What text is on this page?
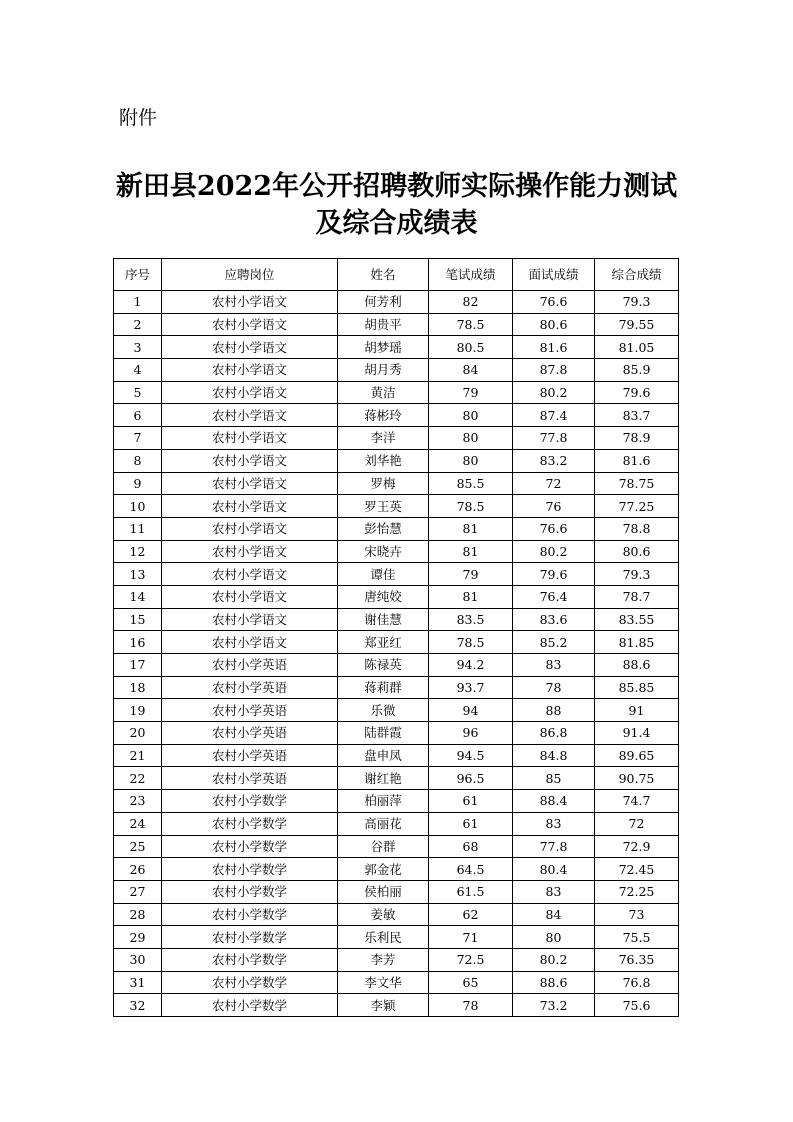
附件

新田县2022年公开招聘教师实际操作能力测试
及综合成绩表
序号	应聘岗位	姓名	笔试成绩	面试成绩	综合成绩
1	农村小学语文	何芳利	82	76.6	79.3
2	农村小学语文	胡贵平	78.5	80.6	79.55
3	农村小学语文	胡梦瑶	80.5	81.6	81.05
4	农村小学语文	胡月秀	84	87.8	85.9
5	农村小学语文	黄洁	79	80.2	79.6
6	农村小学语文	蒋彬玲	80	87.4	83.7
7	农村小学语文	李洋	80	77.8	78.9
8	农村小学语文	刘华艳	80	83.2	81.6
9	农村小学语文	罗梅	85.5	72	78.75
10	农村小学语文	罗王英	78.5	76	77.25
11	农村小学语文	彭怡慧	81	76.6	78.8
12	农村小学语文	宋晓卉	81	80.2	80.6
13	农村小学语文	谭佳	79	79.6	79.3
14	农村小学语文	唐纯姣	81	76.4	78.7
15	农村小学语文	谢佳慧	83.5	83.6	83.55
16	农村小学语文	郑亚红	78.5	85.2	81.85
17	农村小学英语	陈禄英	94.2	83	88.6
18	农村小学英语	蒋莉群	93.7	78	85.85
19	农村小学英语	乐微	94	88	91
20	农村小学英语	陆群霞	96	86.8	91.4
21	农村小学英语	盘申凤	94.5	84.8	89.65
22	农村小学英语	谢红艳	96.5	85	90.75
23	农村小学数学	柏丽萍	61	88.4	74.7
24	农村小学数学	高丽花	61	83	72
25	农村小学数学	谷群	68	77.8	72.9
26	农村小学数学	郭金花	64.5	80.4	72.45
27	农村小学数学	侯柏丽	61.5	83	72.25
28	农村小学数学	姜敏	62	84	73
29	农村小学数学	乐利民	71	80	75.5
30	农村小学数学	李芳	72.5	80.2	76.35
31	农村小学数学	李文华	65	88.6	76.8
32	农村小学数学	李颖	78	73.2	75.6
